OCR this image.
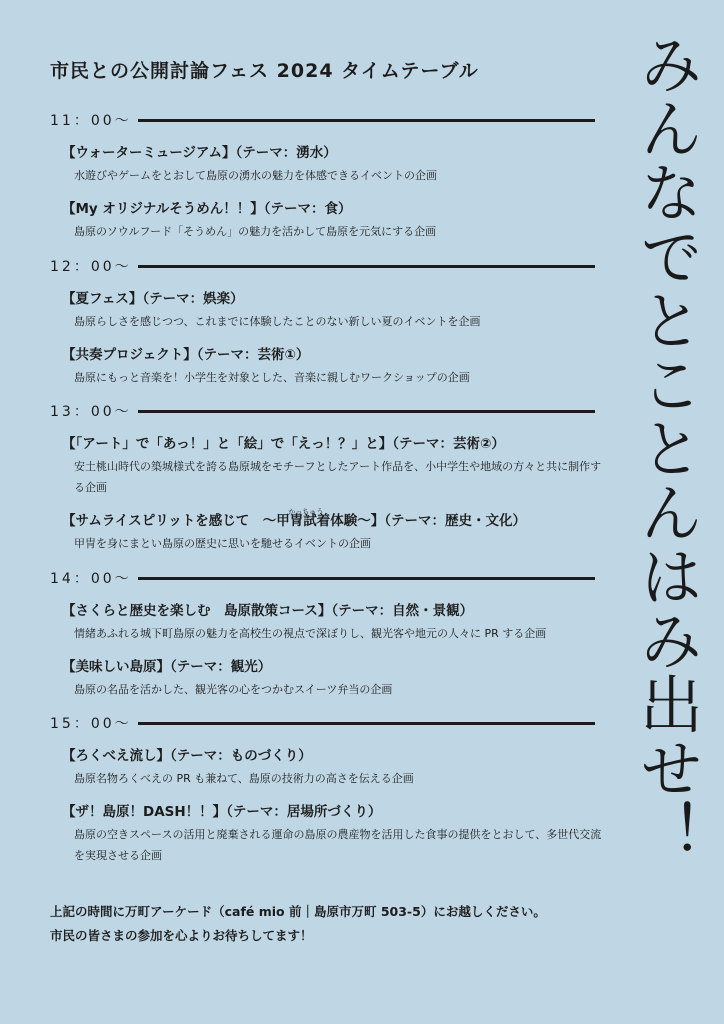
市民との公開討論フェス 2024 タイムテーブル みんなでとことんはみ出せ！
11：00～
【ウォーターミュージアム】（テーマ：湧水）
水遊びやゲームをとおして島原の湧水の魅力を体感できるイベントの企画
【My オリジナルそうめん！！】（テーマ：食）
島原のソウルフード「そうめん」の魅力を活かして島原を元気にする企画
12：00～
【夏フェス】（テーマ：娯楽）
島原らしさを感じつつ、これまでに体験したことのない新しい夏のイベントを企画
【共奏プロジェクト】（テーマ：芸術①）
島原にもっと音楽を！小学生を対象とした、音楽に親しむワークショップの企画
13：00～
【「アート」で「あっ！」と「絵」で「えっ！？」と】（テーマ：芸術②）
安土桃山時代の築城様式を誇る島原城をモチーフとしたアート作品を、小中学生や地域の方々と共に制作する企画
【サムライスピリットを感じて　～
かっちゅう
甲冑試着体験～】（テーマ：歴史・文化）
甲冑を身にまとい島原の歴史に思いを馳せるイベントの企画
14：00～
【さくらと歴史を楽しむ　島原散策コース】（テーマ：自然・景観）
情緒あふれる城下町島原の魅力を高校生の視点で深ぼりし、観光客や地元の人々に PR する企画
【美味しい島原】（テーマ：観光）
島原の名品を活かした、観光客の心をつかむスイーツ弁当の企画
15：00～
【ろくべえ流し】（テーマ：ものづくり）
島原名物ろくべえの PR も兼ねて、島原の技術力の高さを伝える企画
【ザ！島原！DASH！！】（テーマ：居場所づくり）
島原の空きスペースの活用と廃棄される運命の島原の農産物を活用した食事の提供をとおして、多世代交流を実現させる企画
上記の時間に万町アーケード（café mio 前｜島原市万町 503-5）にお越しください。
市民の皆さまの参加を心よりお待ちしてます！
